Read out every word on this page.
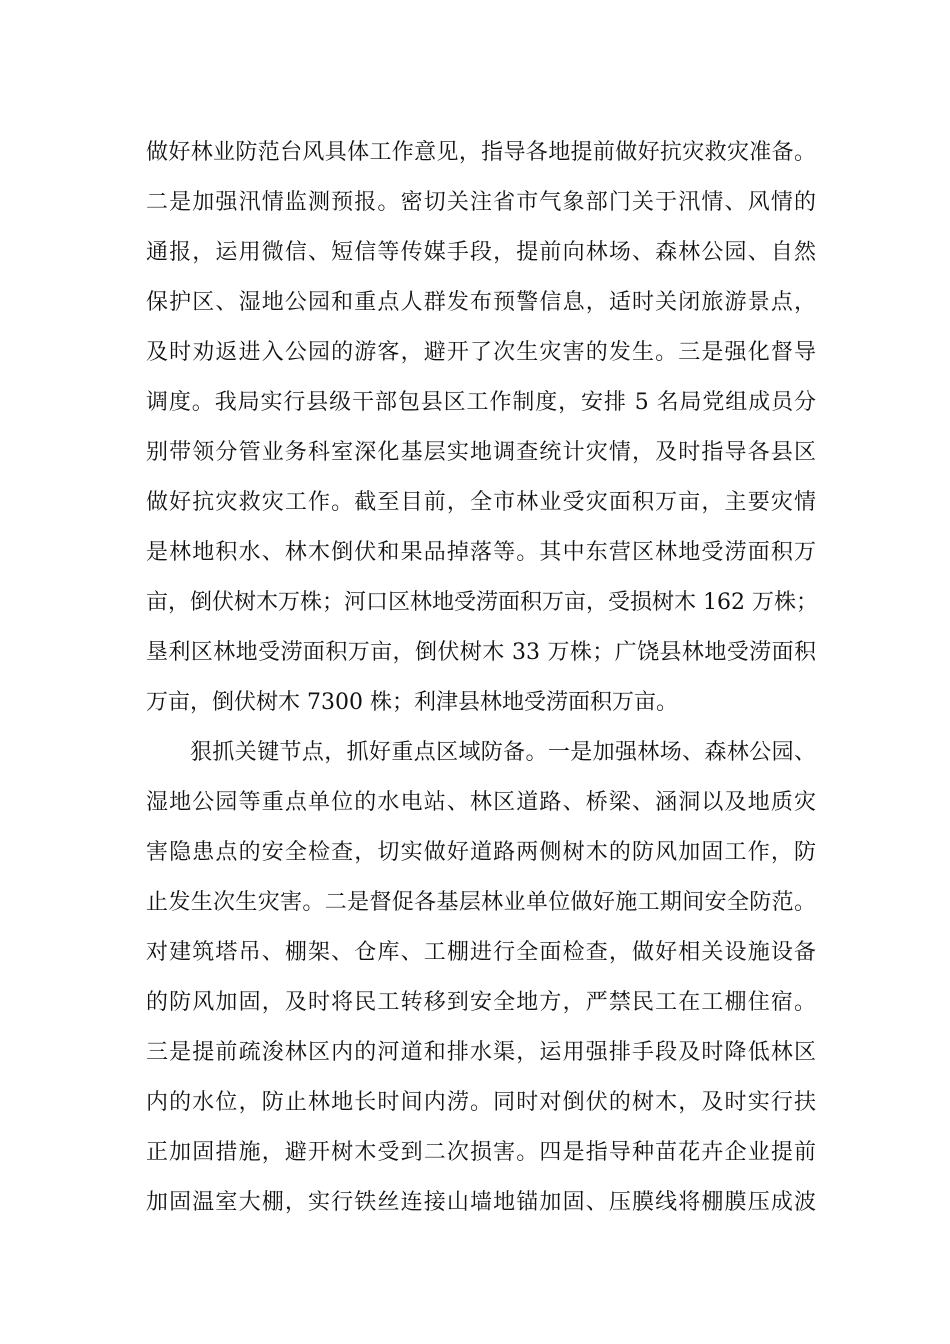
做好林业防范台风具体工作意见，指导各地提前做好抗灾救灾准备。
二是加强汛情监测预报。密切关注省市气象部门关于汛情、风情的
通报，运用微信、短信等传媒手段，提前向林场、森林公园、自然
保护区、湿地公园和重点人群发布预警信息，适时关闭旅游景点，
及时劝返进入公园的游客，避开了次生灾害的发生。三是强化督导
调度。我局实行县级干部包县区工作制度，安排 5 名局党组成员分
别带领分管业务科室深化基层实地调查统计灾情，及时指导各县区
做好抗灾救灾工作。截至目前，全市林业受灾面积万亩，主要灾情
是林地积水、林木倒伏和果品掉落等。其中东营区林地受涝面积万
亩，倒伏树木万株；河口区林地受涝面积万亩，受损树木 162 万株；
垦利区林地受涝面积万亩，倒伏树木 33 万株；广饶县林地受涝面积
万亩，倒伏树木 7300 株；利津县林地受涝面积万亩。
狠抓关键节点，抓好重点区域防备。一是加强林场、森林公园、
湿地公园等重点单位的水电站、林区道路、桥梁、涵洞以及地质灾
害隐患点的安全检查，切实做好道路两侧树木的防风加固工作，防
止发生次生灾害。二是督促各基层林业单位做好施工期间安全防范。
对建筑塔吊、棚架、仓库、工棚进行全面检查，做好相关设施设备
的防风加固，及时将民工转移到安全地方，严禁民工在工棚住宿。
三是提前疏浚林区内的河道和排水渠，运用强排手段及时降低林区
内的水位，防止林地长时间内涝。同时对倒伏的树木，及时实行扶
正加固措施，避开树木受到二次损害。四是指导种苗花卉企业提前
加固温室大棚，实行铁丝连接山墙地锚加固、压膜线将棚膜压成波
